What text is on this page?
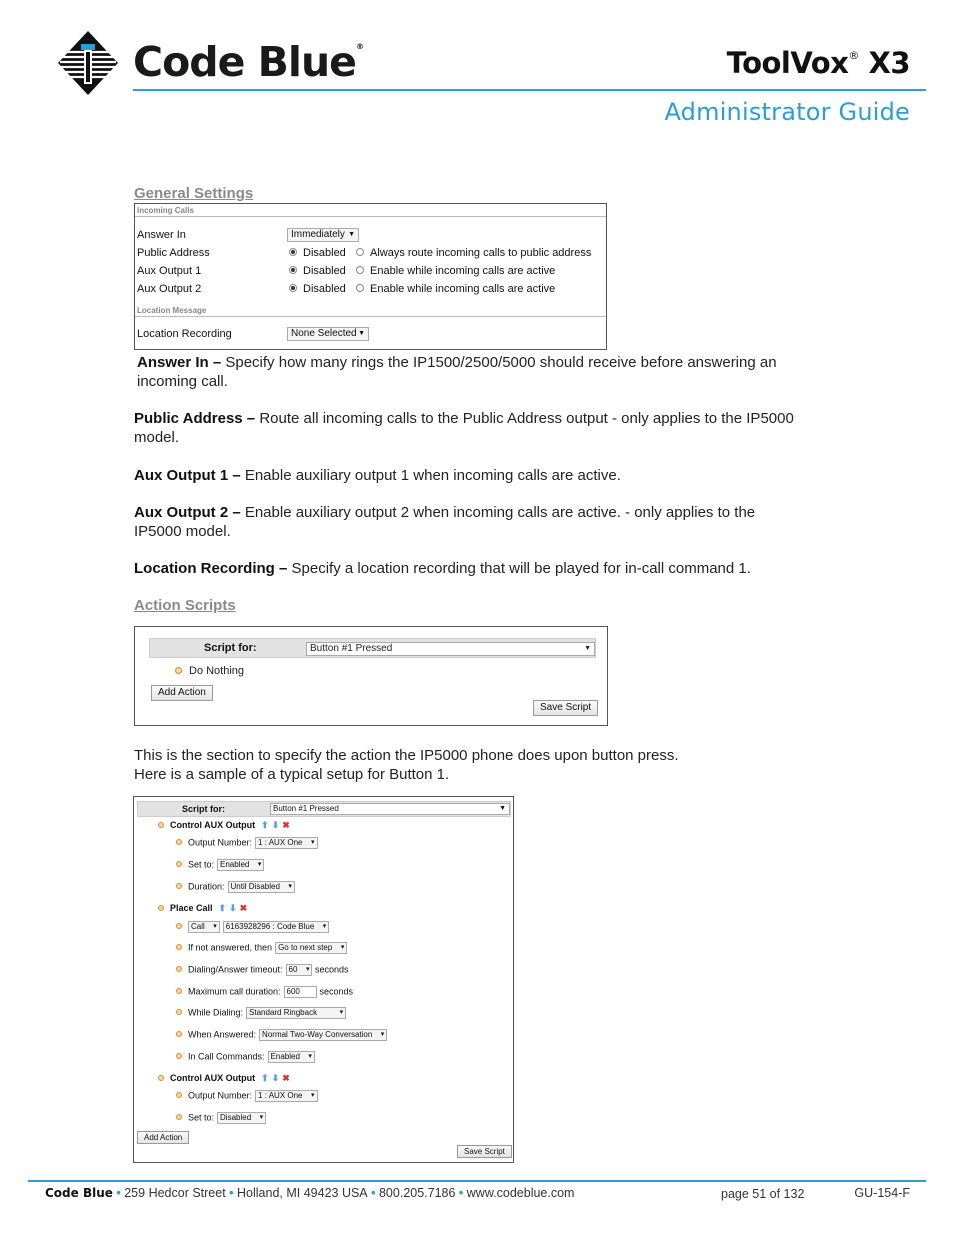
Code Blue®	ToolVox® X3
Administrator Guide
General Settings
Incoming Calls
Answer In	Immediately ▼
Public Address	Disabled	Always route incoming calls to public address
Aux Output 1	Disabled	Enable while incoming calls are active
Aux Output 2	Disabled	Enable while incoming calls are active
Location Message
Location Recording	None Selected ▼
Answer In – Specify how many rings the IP1500/2500/5000 should receive before answering an incoming call.
Public Address – Route all incoming calls to the Public Address output - only applies to the IP5000 model.
Aux Output 1 – Enable auxiliary output 1 when incoming calls are active.
Aux Output 2 – Enable auxiliary output 2 when incoming calls are active. - only applies to the IP5000 model.
Location Recording – Specify a location recording that will be played for in-call command 1.
Action Scripts
Script for:	Button #1 Pressed	▼
Do Nothing
Add Action
Save Script
This is the section to specify the action the IP5000 phone does upon button press.
Here is a sample of a typical setup for Button 1.
Script for:	Button #1 Pressed	▼
Control AUX Output ⬆⬇✖
Output Number: 1 : AUX One ▾
Set to: Enabled ▾
Duration: Until Disabled ▾
Place Call ⬆⬇✖
Call ▾	6163928296 : Code Blue ▾
If not answered, then Go to next step ▾
Dialing/Answer timeout: 60 ▾ seconds
Maximum call duration: 600 seconds
While Dialing: Standard Ringback ▾
When Answered: Normal Two-Way Conversation ▾
In Call Commands: Enabled ▾
Control AUX Output ⬆⬇✖
Output Number: 1 : AUX One ▾
Set to: Disabled ▾
Add Action
Save Script
Code Blue • 259 Hedcor Street • Holland, MI 49423 USA • 800.205.7186 • www.codeblue.com	page 51 of 132	GU-154-F
